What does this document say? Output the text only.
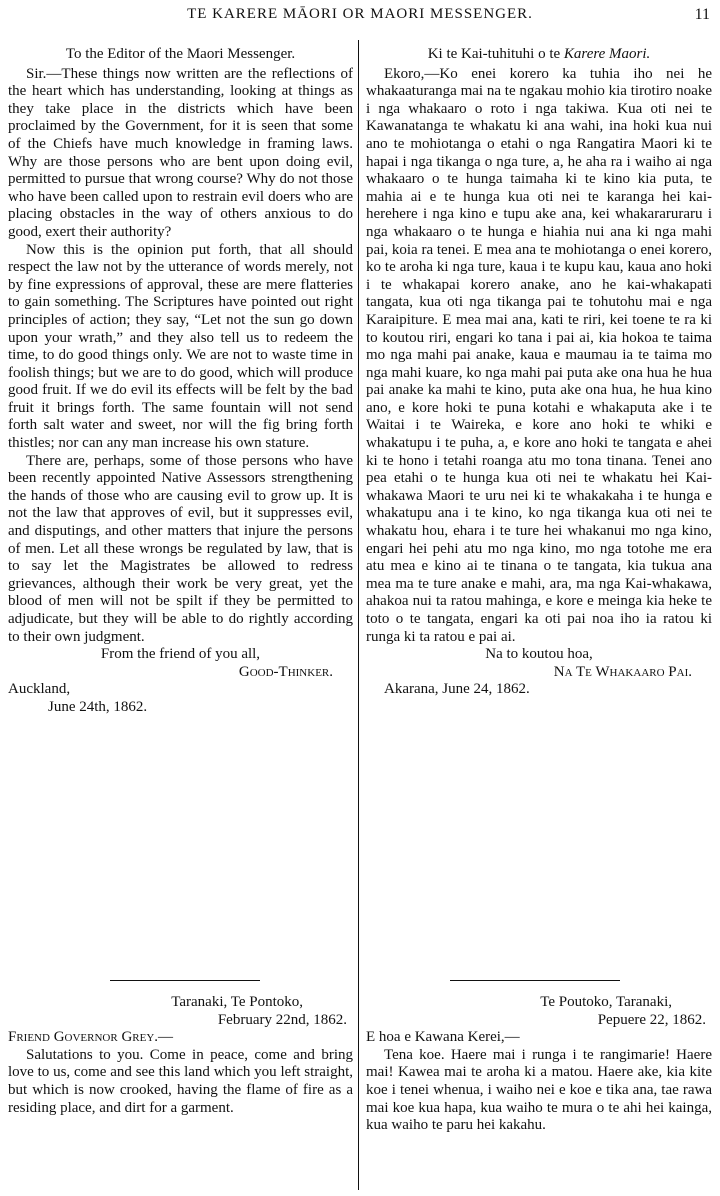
TE KARERE MĀORI OR MAORI MESSENGER.	11

To the Editor of the Maori Messenger.

Sir.—These things now written are the reflections of the heart which has understanding, looking at things as they take place in the districts which have been proclaimed by the Government, for it is seen that some of the Chiefs have much knowledge in framing laws. Why are those persons who are bent upon doing evil, permitted to pursue that wrong course? Why do not those who have been called upon to restrain evil doers who are placing obstacles in the way of others anxious to do good, exert their authority?

Now this is the opinion put forth, that all should respect the law not by the utterance of words merely, not by fine expressions of approval, these are mere flatteries to gain something. The Scriptures have pointed out right principles of action; they say, “Let not the sun go down upon your wrath,” and they also tell us to redeem the time, to do good things only. We are not to waste time in foolish things; but we are to do good, which will produce good fruit. If we do evil its effects will be felt by the bad fruit it brings forth. The same fountain will not send forth salt water and sweet, nor will the fig bring forth thistles; nor can any man increase his own stature.

There are, perhaps, some of those persons who have been recently appointed Native Assessors strengthening the hands of those who are causing evil to grow up. It is not the law that approves of evil, but it suppresses evil, and disputings, and other matters that injure the persons of men. Let all these wrongs be regulated by law, that is to say let the Magistrates be allowed to redress grievances, although their work be very great, yet the blood of men will not be spilt if they be permitted to adjudicate, but they will be able to do rightly according to their own judgment.

From the friend of you all,

Good-Thinker.

Auckland,

June 24th, 1862.

Ki te Kai-tuhituhi o te Karere Maori.

Ekoro,—Ko enei korero ka tuhia iho nei he whakaaturanga mai na te ngakau mohio kia tirotiro noake i nga whakaaro o roto i nga takiwa. Kua oti nei te Kawanatanga te whakatu ki ana wahi, ina hoki kua nui ano te mohiotanga o etahi o nga Rangatira Maori ki te hapai i nga tikanga o nga ture, a, he aha ra i waiho ai nga whakaaro o te hunga taimaha ki te kino kia puta, te mahia ai e te hunga kua oti nei te karanga hei kai-herehere i nga kino e tupu ake ana, kei whakararuraru i nga whakaaro o te hunga e hiahia nui ana ki nga mahi pai, koia ra tenei. E mea ana te mohiotanga o enei korero, ko te aroha ki nga ture, kaua i te kupu kau, kaua ano hoki i te whakapai korero anake, ano he kai-whakapati tangata, kua oti nga tikanga pai te tohutohu mai e nga Karaipiture. E mea mai ana, kati te riri, kei toene te ra ki to koutou riri, engari ko tana i pai ai, kia hokoa te taima mo nga mahi pai anake, kaua e maumau ia te taima mo nga mahi kuare, ko nga mahi pai puta ake ona hua he hua pai anake ka mahi te kino, puta ake ona hua, he hua kino ano, e kore hoki te puna kotahi e whakaputa ake i te Waitai i te Waireka, e kore ano hoki te whiki e whakatupu i te puha, a, e kore ano hoki te tangata e ahei ki te hono i tetahi roanga atu mo tona tinana. Tenei ano pea etahi o te hunga kua oti nei te whakatu hei Kai-whakawa Maori te uru nei ki te whakakaha i te hunga e whakatupu ana i te kino, ko nga tikanga kua oti nei te whakatu hou, ehara i te ture hei whakanui mo nga kino, engari hei pehi atu mo nga kino, mo nga totohe me era atu mea e kino ai te tinana o te tangata, kia tukua ana mea ma te ture anake e mahi, ara, ma nga Kai-whakawa, ahakoa nui ta ratou mahinga, e kore e meinga kia heke te toto o te tangata, engari ka oti pai noa iho ia ratou ki runga ki ta ratou e pai ai.

Na to koutou hoa,

Na Te Whakaaro Pai.

Akarana, June 24, 1862.

Taranaki, Te Pontoko,

February 22nd, 1862.

Friend Governor Grey.—

Salutations to you. Come in peace, come and bring love to us, come and see this land which you left straight, but which is now crooked, having the flame of fire as a residing place, and dirt for a garment.

Te Poutoko, Taranaki,

Pepuere 22, 1862.

E hoa e Kawana Kerei,—

Tena koe. Haere mai i runga i te rangimarie! Haere mai! Kawea mai te aroha ki a matou. Haere ake, kia kite koe i tenei whenua, i waiho nei e koe e tika ana, tae rawa mai koe kua hapa, kua waiho te mura o te ahi hei kainga, kua waiho te paru hei kakahu.
